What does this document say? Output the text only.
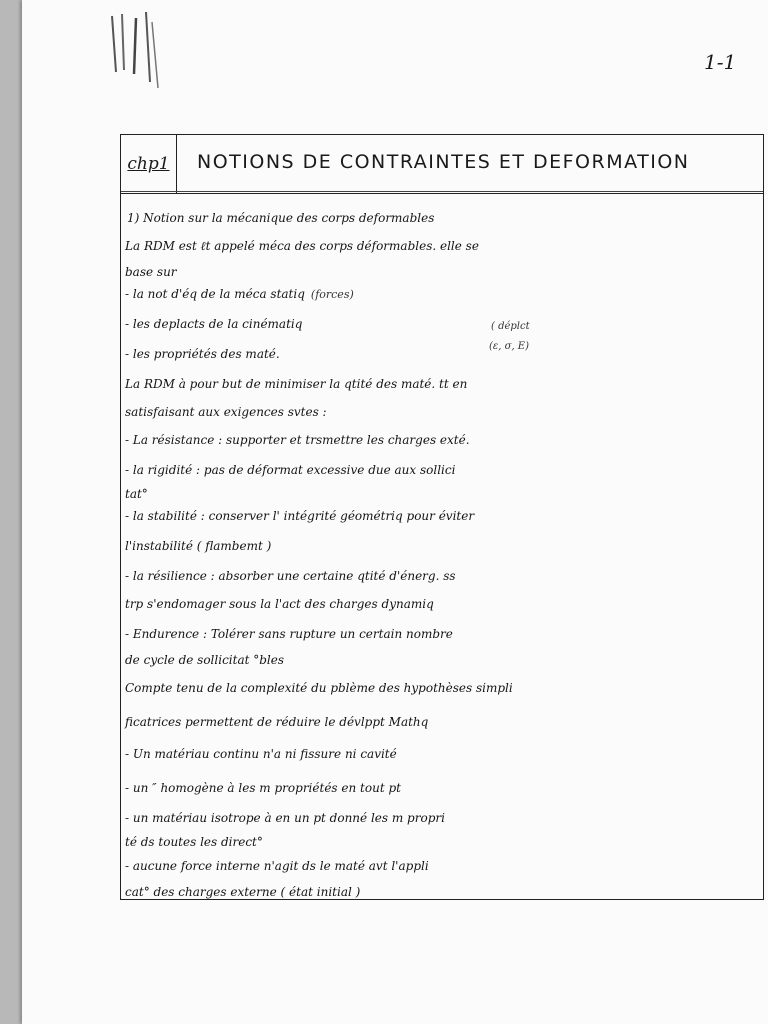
1-1
chp1	NOTIONS DE CONTRAINTES ET DEFORMATION
1) Notion sur la mécanique des corps deformables
La RDM est ℓt appelé méca des corps déformables. elle se
base sur
- la not d'éq de la méca statiq (forces)
- les deplacts de la cinématiq
- les propriétés des maté.
La RDM à pour but de minimiser la qtité des maté. tt en
satisfaisant aux exigences svtes :
- La résistance : supporter et trsmettre les charges exté.
- la rigidité : pas de déformat excessive due aux sollici
tat°
- la stabilité : conserver l' intégrité géométriq pour éviter
l'instabilité ( flambemt )
- la résilience : absorber une certaine qtité d'énerg. ss
trp s'endomager sous la l'act des charges dynamiq
- Endurence : Tolérer sans rupture un certain nombre
de cycle de sollicitat °bles
Compte tenu de la complexité du pblème des hypothèses simpli
ficatrices permettent de réduire le dévlppt Mathq
- Un matériau continu n'a ni fissure ni cavité
- un ″ homogène à les m propriétés en tout pt
- un matériau isotrope à en un pt donné les m propri
té ds toutes les direct°
- aucune force interne n'agit ds le maté avt l'appli
cat° des charges externe ( état initial )
( déplct
(ε, σ, E)
